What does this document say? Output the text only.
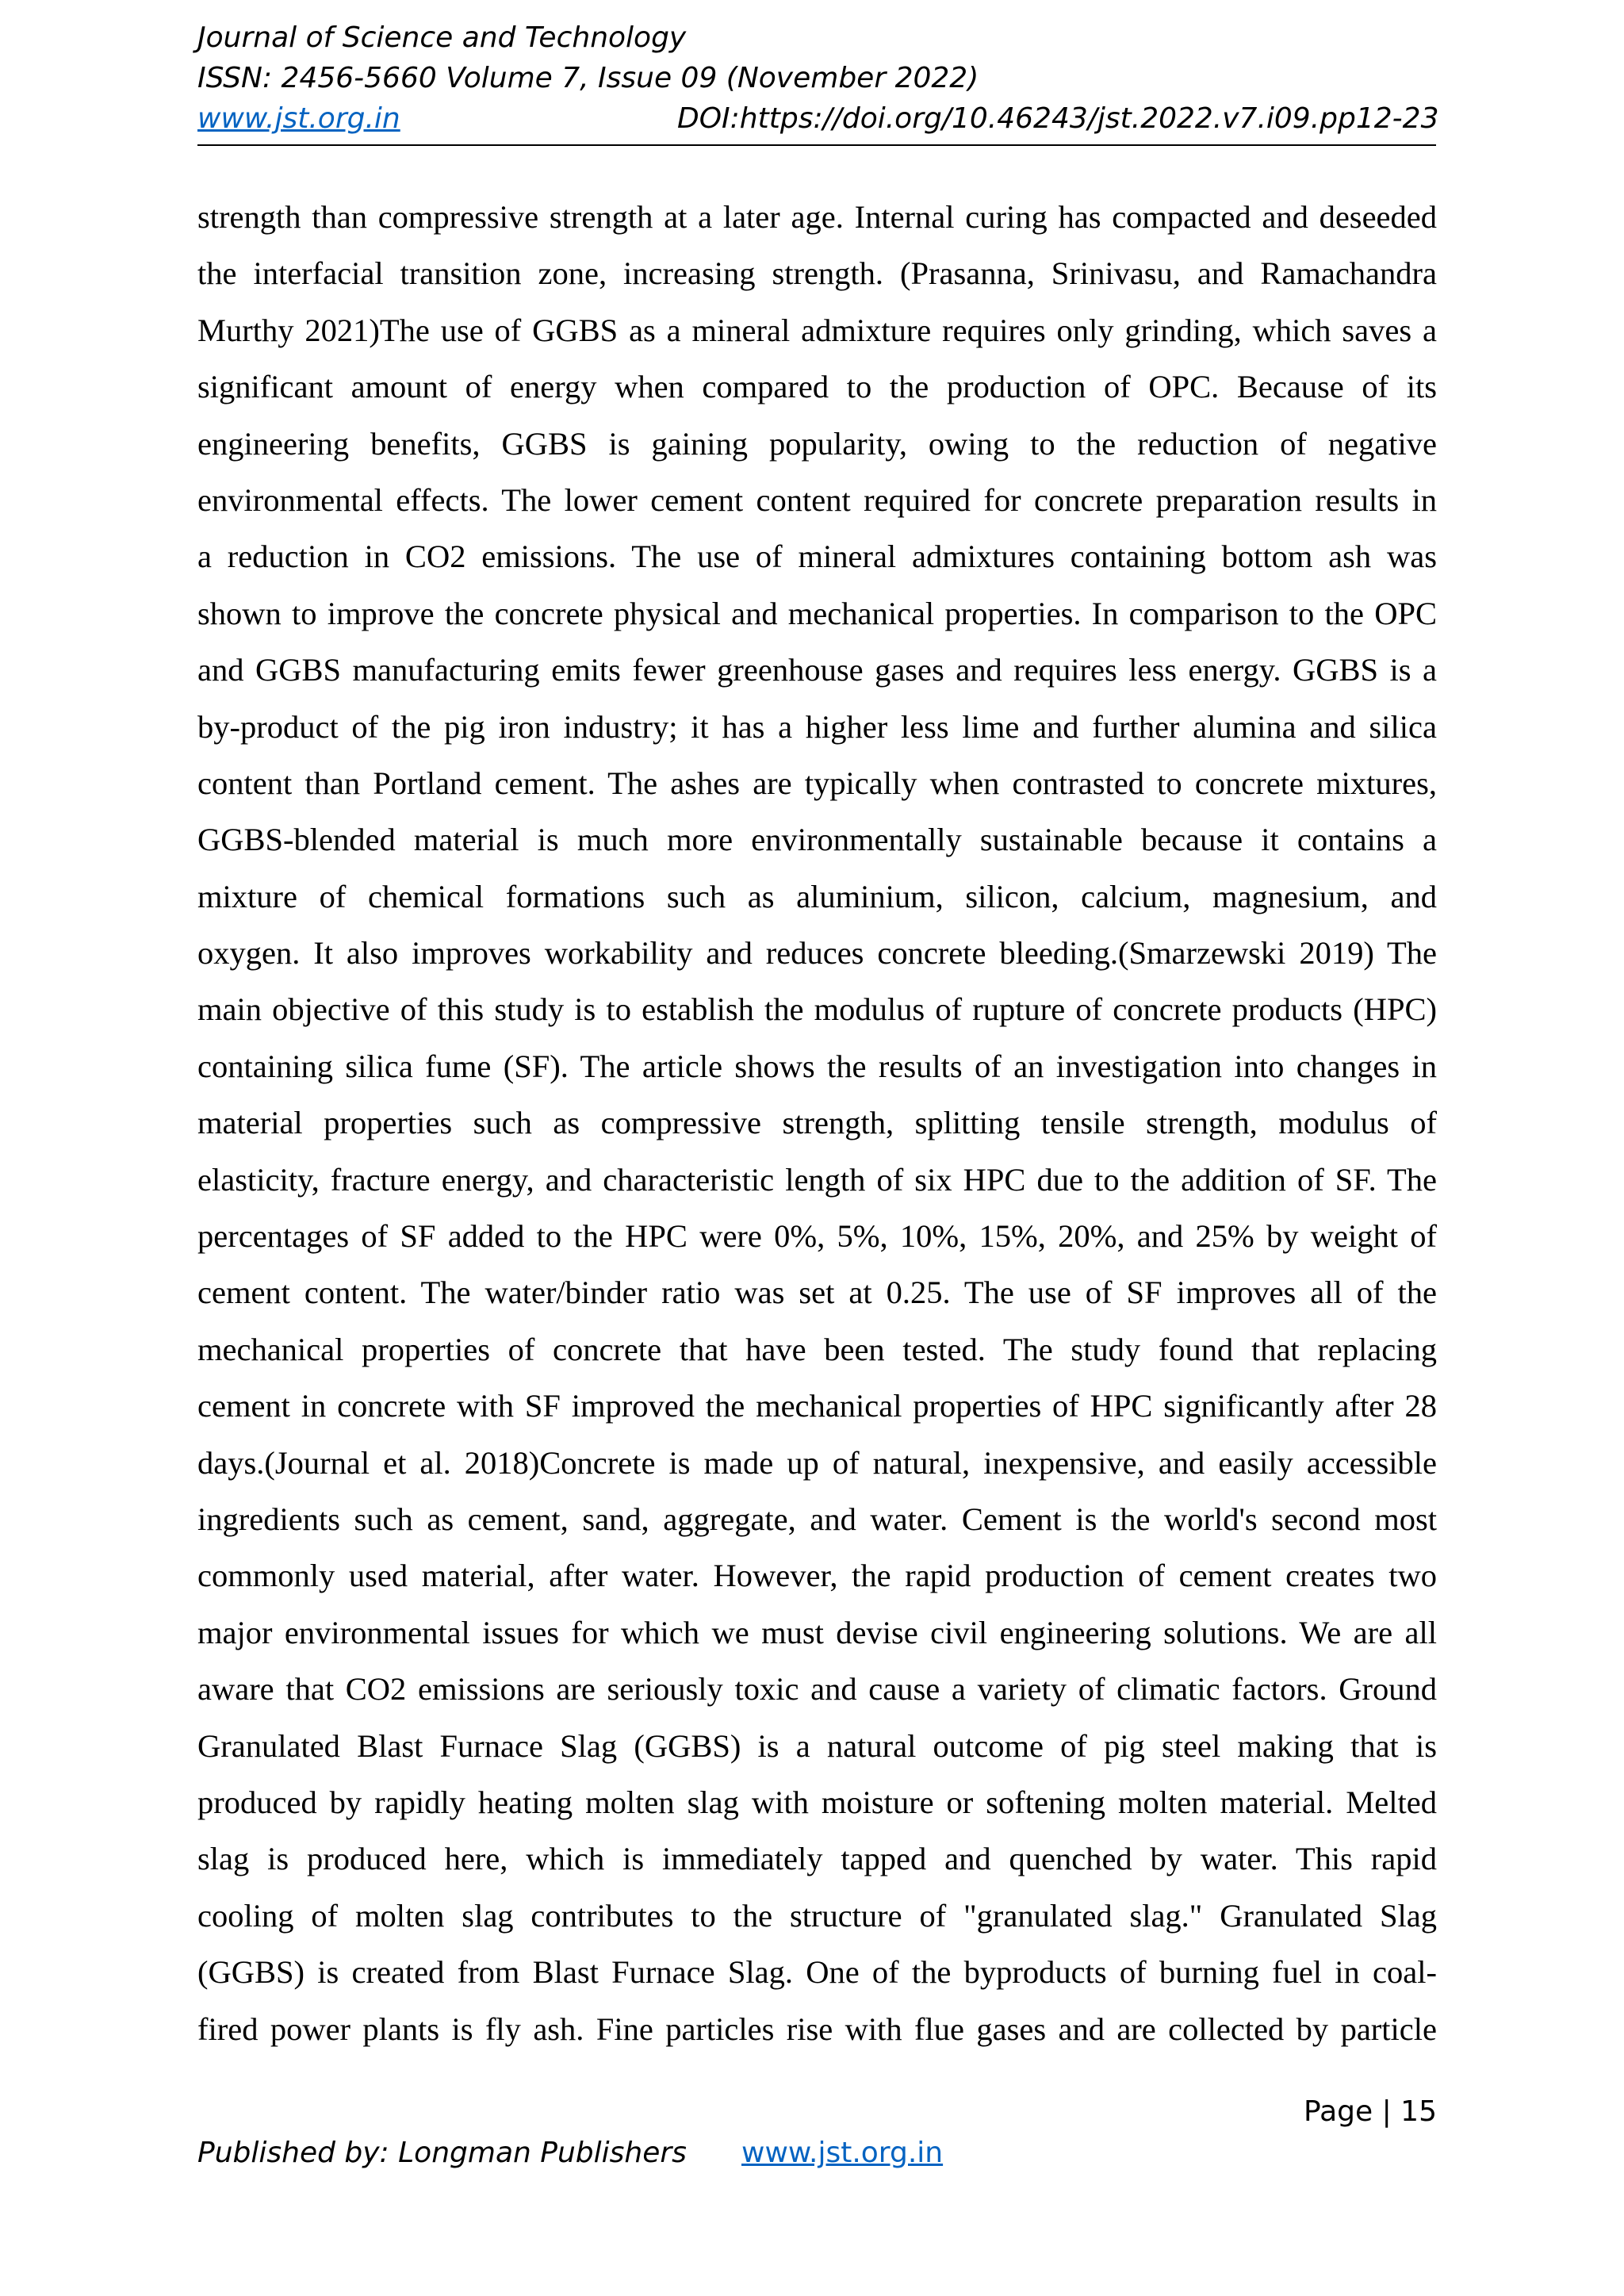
Journal of Science and Technology
ISSN: 2456-5660 Volume 7, Issue 09 (November 2022)
www.jst.org.in	DOI:https://doi.org/10.46243/jst.2022.v7.i09.pp12-23
strength than compressive strength at a later age. Internal curing has compacted and deseeded
the interfacial transition zone, increasing strength. (Prasanna, Srinivasu, and Ramachandra
Murthy 2021)The use of GGBS as a mineral admixture requires only grinding, which saves a
significant amount of energy when compared to the production of OPC. Because of its
engineering benefits, GGBS is gaining popularity, owing to the reduction of negative
environmental effects. The lower cement content required for concrete preparation results in
a reduction in CO2 emissions. The use of mineral admixtures containing bottom ash was
shown to improve the concrete physical and mechanical properties. In comparison to the OPC
and GGBS manufacturing emits fewer greenhouse gases and requires less energy. GGBS is a
by-product of the pig iron industry; it has a higher less lime and further alumina and silica
content than Portland cement. The ashes are typically when contrasted to concrete mixtures,
GGBS-blended material is much more environmentally sustainable because it contains a
mixture of chemical formations such as aluminium, silicon, calcium, magnesium, and
oxygen. It also improves workability and reduces concrete bleeding.(Smarzewski 2019) The
main objective of this study is to establish the modulus of rupture of concrete products (HPC)
containing silica fume (SF). The article shows the results of an investigation into changes in
material properties such as compressive strength, splitting tensile strength, modulus of
elasticity, fracture energy, and characteristic length of six HPC due to the addition of SF. The
percentages of SF added to the HPC were 0%, 5%, 10%, 15%, 20%, and 25% by weight of
cement content. The water/binder ratio was set at 0.25. The use of SF improves all of the
mechanical properties of concrete that have been tested. The study found that replacing
cement in concrete with SF improved the mechanical properties of HPC significantly after 28
days.(Journal et al. 2018)Concrete is made up of natural, inexpensive, and easily accessible
ingredients such as cement, sand, aggregate, and water. Cement is the world's second most
commonly used material, after water. However, the rapid production of cement creates two
major environmental issues for which we must devise civil engineering solutions. We are all
aware that CO2 emissions are seriously toxic and cause a variety of climatic factors. Ground
Granulated Blast Furnace Slag (GGBS) is a natural outcome of pig steel making that is
produced by rapidly heating molten slag with moisture or softening molten material. Melted
slag is produced here, which is immediately tapped and quenched by water. This rapid
cooling of molten slag contributes to the structure of "granulated slag." Granulated Slag
(GGBS) is created from Blast Furnace Slag. One of the byproducts of burning fuel in coal-
fired power plants is fly ash. Fine particles rise with flue gases and are collected by particle
Page | 15
Published by: Longman Publishers www.jst.org.in
